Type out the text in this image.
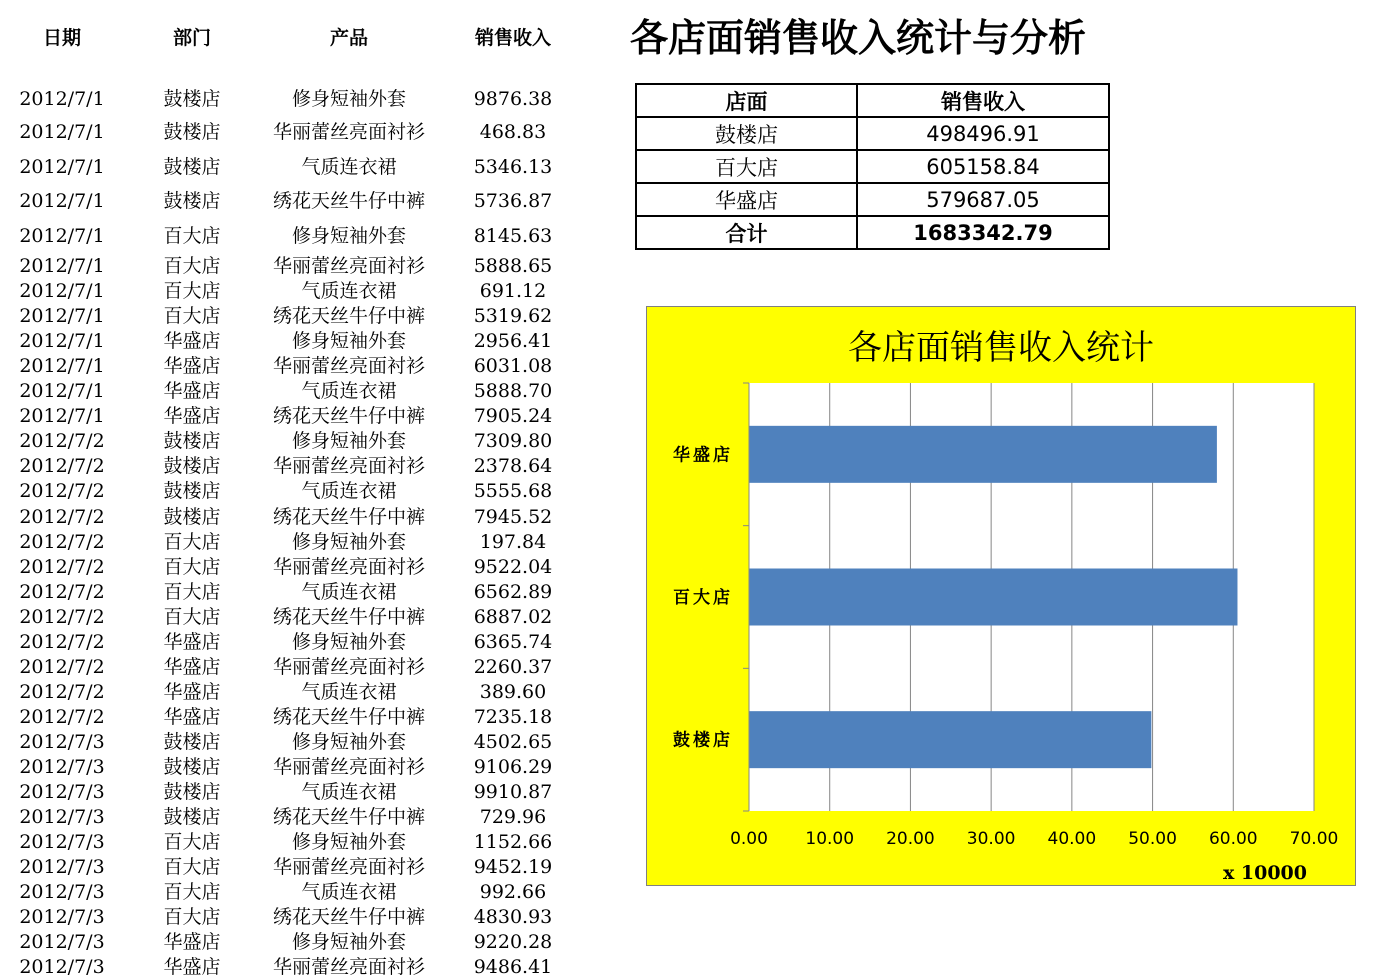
日期	部门	产品	销售收入
2012/7/1	鼓楼店	修身短袖外套	9876.38
2012/7/1	鼓楼店	华丽蕾丝亮面衬衫	468.83
2012/7/1	鼓楼店	气质连衣裙	5346.13
2012/7/1	鼓楼店	绣花天丝牛仔中裤	5736.87
2012/7/1	百大店	修身短袖外套	8145.63
2012/7/1	百大店	华丽蕾丝亮面衬衫	5888.65
2012/7/1	百大店	气质连衣裙	691.12
2012/7/1	百大店	绣花天丝牛仔中裤	5319.62
2012/7/1	华盛店	修身短袖外套	2956.41
2012/7/1	华盛店	华丽蕾丝亮面衬衫	6031.08
2012/7/1	华盛店	气质连衣裙	5888.70
2012/7/1	华盛店	绣花天丝牛仔中裤	7905.24
2012/7/2	鼓楼店	修身短袖外套	7309.80
2012/7/2	鼓楼店	华丽蕾丝亮面衬衫	2378.64
2012/7/2	鼓楼店	气质连衣裙	5555.68
2012/7/2	鼓楼店	绣花天丝牛仔中裤	7945.52
2012/7/2	百大店	修身短袖外套	197.84
2012/7/2	百大店	华丽蕾丝亮面衬衫	9522.04
2012/7/2	百大店	气质连衣裙	6562.89
2012/7/2	百大店	绣花天丝牛仔中裤	6887.02
2012/7/2	华盛店	修身短袖外套	6365.74
2012/7/2	华盛店	华丽蕾丝亮面衬衫	2260.37
2012/7/2	华盛店	气质连衣裙	389.60
2012/7/2	华盛店	绣花天丝牛仔中裤	7235.18
2012/7/3	鼓楼店	修身短袖外套	4502.65
2012/7/3	鼓楼店	华丽蕾丝亮面衬衫	9106.29
2012/7/3	鼓楼店	气质连衣裙	9910.87
2012/7/3	鼓楼店	绣花天丝牛仔中裤	729.96
2012/7/3	百大店	修身短袖外套	1152.66
2012/7/3	百大店	华丽蕾丝亮面衬衫	9452.19
2012/7/3	百大店	气质连衣裙	992.66
2012/7/3	百大店	绣花天丝牛仔中裤	4830.93
2012/7/3	华盛店	修身短袖外套	9220.28
2012/7/3	华盛店	华丽蕾丝亮面衬衫	9486.41
各店面销售收入统计与分析
店面	销售收入
鼓楼店	498496.91
百大店	605158.84
华盛店	579687.05
合计	1683342.79
各店面销售收入统计
0.00 10.00 20.00 30.00 40.00 50.00 60.00 70.00
华盛店
百大店
鼓楼店
x 10000
